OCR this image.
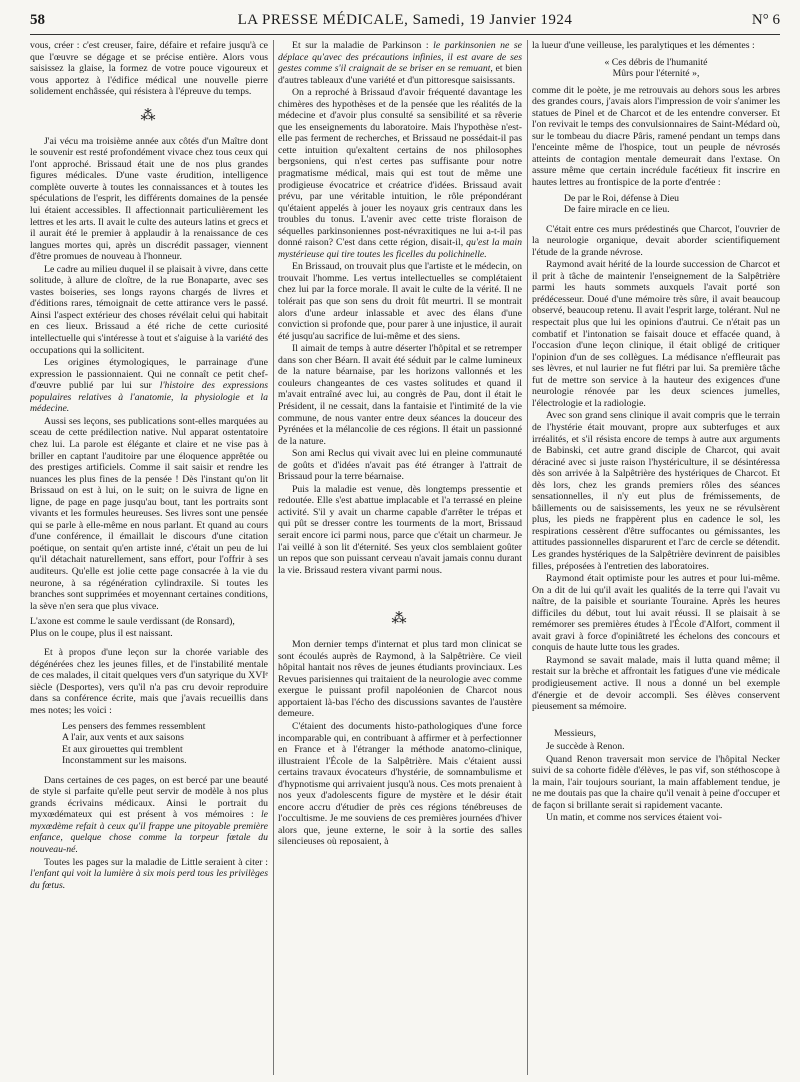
58	LA PRESSE MÉDICALE, Samedi, 19 Janvier 1924	N° 6

vous, créer : c'est creuser, faire, défaire et refaire jusqu'à ce que l'œuvre se dégage et se précise entière. Alors vous saisissez la glaise, la formez de votre pouce vigoureux et vous apportez à l'édifice médical une nouvelle pierre solidement enchâssée, qui résistera à l'épreuve du temps.

⁂

J'ai vécu ma troisième année aux côtés d'un Maître dont le souvenir est resté profondément vivace chez tous ceux qui l'ont approché. Brissaud était une de nos plus grandes figures médicales. D'une vaste érudition, intelligence complète ouverte à toutes les connaissances et à toutes les spéculations de l'esprit, les différents domaines de la pensée lui étaient accessibles. Il affectionnait particulièrement les lettres et les arts. Il avait le culte des auteurs latins et grecs et il aurait été le premier à applaudir à la renaissance de ces langues mortes qui, après un discrédit passager, viennent d'être promues de nouveau à l'honneur.

Le cadre au milieu duquel il se plaisait à vivre, dans cette solitude, à allure de cloître, de la rue Bonaparte, avec ses vastes boiseries, ses longs rayons chargés de livres et d'éditions rares, témoignait de cette attirance vers le passé. Ainsi l'aspect extérieur des choses révélait celui qui habitait en ces lieux. Brissaud a été riche de cette curiosité intellectuelle qui s'intéresse à tout et s'aiguise à la variété des occupations qui la sollicitent.

Les origines étymologiques, le parrainage d'une expression le passionnaient. Qui ne connaît ce petit chef-d'œuvre publié par lui sur l'histoire des expressions populaires relatives à l'anatomie, la physiologie et la médecine.

Aussi ses leçons, ses publications sont-elles marquées au sceau de cette prédilection native. Nul apparat ostentatoire chez lui. La parole est élégante et claire et ne vise pas à briller en captant l'auditoire par une éloquence apprêtée ou des prestiges artificiels. Comme il sait saisir et rendre les nuances les plus fines de la pensée ! Dès l'instant qu'on lit Brissaud on est à lui, on le suit; on le suivra de ligne en ligne, de page en page jusqu'au bout, tant les portraits sont vivants et les formules heureuses. Ses livres sont une pensée qui se parle à elle-même en nous parlant. Et quand au cours d'une conférence, il émaillait le discours d'une citation poétique, on sentait qu'en artiste inné, c'était un peu de lui qu'il détachait naturellement, sans effort, pour l'offrir à ses auditeurs. Qu'elle est jolie cette page consacrée à la vie du neurone, à sa régénération cylindraxile. Si toutes les branches sont supprimées et moyennant certaines conditions, la sève n'en sera que plus vivace.

L'axone est comme le saule verdissant (de Ronsard),
Plus on le coupe, plus il est naissant.

Et à propos d'une leçon sur la chorée variable des dégénérées chez les jeunes filles, et de l'instabilité mentale de ces malades, il citait quelques vers d'un satyrique du XVIᵉ siècle (Desportes), vers qu'il n'a pas cru devoir reproduire dans sa conférence écrite, mais que j'avais recueillis dans mes notes; les voici :

Les pensers des femmes ressemblent
A l'air, aux vents et aux saisons
Et aux girouettes qui tremblent
Inconstamment sur les maisons.

Dans certaines de ces pages, on est bercé par une beauté de style si parfaite qu'elle peut servir de modèle à nos plus grands écrivains médicaux. Ainsi le portrait du myxœdémateux qui est présent à vos mémoires : le myxœdème refait à ceux qu'il frappe une pitoyable première enfance, quelque chose comme la torpeur fœtale du nouveau-né.

Toutes les pages sur la maladie de Little seraient à citer : l'enfant qui voit la lumière à six mois perd tous les privilèges du fœtus.

Et sur la maladie de Parkinson : le parkinsonien ne se déplace qu'avec des précautions infinies, il est avare de ses gestes comme s'il craignait de se briser en se remuant, et bien d'autres tableaux d'une variété et d'un pittoresque saisissants.

On a reproché à Brissaud d'avoir fréquenté davantage les chimères des hypothèses et de la pensée que les réalités de la médecine et d'avoir plus consulté sa sensibilité et sa rêverie que les enseignements du laboratoire. Mais l'hypothèse n'est-elle pas ferment de recherches, et Brissaud ne possédait-il pas cette intuition qu'exaltent certains de nos philosophes bergsoniens, qui n'est certes pas suffisante pour notre pragmatisme médical, mais qui est tout de même une prodigieuse évocatrice et créatrice d'idées. Brissaud avait prévu, par une véritable intuition, le rôle prépondérant qu'étaient appelés à jouer les noyaux gris centraux dans les troubles du tonus. L'avenir avec cette triste floraison de séquelles parkinsoniennes post-névraxitiques ne lui a-t-il pas donné raison? C'est dans cette région, disait-il, qu'est la main mystérieuse qui tire toutes les ficelles du polichinelle.

En Brissaud, on trouvait plus que l'artiste et le médecin, on trouvait l'homme. Les vertus intellectuelles se complétaient chez lui par la force morale. Il avait le culte de la vérité. Il ne tolérait pas que son sens du droit fût meurtri. Il se montrait alors d'une ardeur inlassable et avec des élans d'une conviction si profonde que, pour parer à une injustice, il aurait été jusqu'au sacrifice de lui-même et des siens.

Il aimait de temps à autre déserter l'hôpital et se retremper dans son cher Béarn. Il avait été séduit par le calme lumineux de la nature béarnaise, par les horizons vallonnés et les couleurs changeantes de ces vastes solitudes et quand il m'avait entraîné avec lui, au congrès de Pau, dont il était le Président, il ne cessait, dans la fantaisie et l'intimité de la vie commune, de nous vanter entre deux séances la douceur des Pyrénées et la mélancolie de ces régions. Il était un passionné de la nature.

Son ami Reclus qui vivait avec lui en pleine communauté de goûts et d'idées n'avait pas été étranger à l'attrait de Brissaud pour la terre béarnaise.

Puis la maladie est venue, dès longtemps pressentie et redoutée. Elle s'est abattue implacable et l'a terrassé en pleine activité. S'il y avait un charme capable d'arrêter le trépas et qui pût se dresser contre les tourments de la mort, Brissaud serait encore ici parmi nous, parce que c'était un charmeur. Je l'ai veillé à son lit d'éternité. Ses yeux clos semblaient goûter un repos que son puissant cerveau n'avait jamais connu durant la vie. Brissaud restera vivant parmi nous.

⁂

Mon dernier temps d'internat et plus tard mon clinicat se sont écoulés auprès de Raymond, à la Salpêtrière. Ce vieil hôpital hantait nos rêves de jeunes étudiants provinciaux. Les Revues parisiennes qui traitaient de la neurologie avec comme exergue le puissant profil napoléonien de Charcot nous apportaient là-bas l'écho des discussions savantes de l'austère demeure.

C'étaient des documents histo-pathologiques d'une force incomparable qui, en contribuant à affirmer et à perfectionner en France et à l'étranger la méthode anatomo-clinique, illustraient l'École de la Salpêtrière. Mais c'étaient aussi certains travaux évocateurs d'hystérie, de somnambulisme et d'hypnotisme qui arrivaient jusqu'à nous. Ces mots prenaient à nos yeux d'adolescents figure de mystère et le désir était encore accru d'étudier de près ces régions ténébreuses de l'occultisme. Je me souviens de ces premières journées d'hiver alors que, jeune externe, le soir à la sortie des salles silencieuses où reposaient, à

la lueur d'une veilleuse, les paralytiques et les démentes :

« Ces débris de l'humanité
Mûrs pour l'éternité »,

comme dit le poète, je me retrouvais au dehors sous les arbres des grandes cours, j'avais alors l'impression de voir s'animer les statues de Pinel et de Charcot et de les entendre converser. Et l'on revivait le temps des convulsionnaires de Saint-Médard où, sur le tombeau du diacre Pâris, ramené pendant un temps dans l'enceinte même de l'hospice, tout un peuple de névrosés atteints de contagion mentale demeurait dans l'extase. On assure même que certain incrédule facétieux fit inscrire en hautes lettres au frontispice de la porte d'entrée :

De par le Roi, défense à Dieu
De faire miracle en ce lieu.

C'était entre ces murs prédestinés que Charcot, l'ouvrier de la neurologie organique, devait aborder scientifiquement l'étude de la grande névrose.

Raymond avait hérité de la lourde succession de Charcot et il prit à tâche de maintenir l'enseignement de la Salpêtrière parmi les hauts sommets auxquels l'avait porté son prédécesseur. Doué d'une mémoire très sûre, il avait beaucoup observé, beaucoup retenu. Il avait l'esprit large, tolérant. Nul ne respectait plus que lui les opinions d'autrui. Ce n'était pas un combatif et l'intonation se faisait douce et effacée quand, à l'occasion d'une leçon clinique, il était obligé de critiquer l'opinion d'un de ses collègues. La médisance n'effleurait pas ses lèvres, et nul laurier ne fut flétri par lui. Sa première tâche fut de mettre son service à la hauteur des exigences d'une neurologie rénovée par les deux sciences jumelles, l'électrologie et la radiologie.

Avec son grand sens clinique il avait compris que le terrain de l'hystérie était mouvant, propre aux subterfuges et aux irréalités, et s'il résista encore de temps à autre aux arguments de Babinski, cet autre grand disciple de Charcot, qui avait déraciné avec si juste raison l'hystériculture, il se désintéressa dès son arrivée à la Salpêtrière des hystériques de Charcot. Et dès lors, chez les grands premiers rôles des séances sensationnelles, il n'y eut plus de frémissements, de bâillements ou de saisissements, les yeux ne se révulsèrent plus, les pieds ne frappèrent plus en cadence le sol, les respirations cessèrent d'être suffocantes ou gémissantes, les attitudes passionnelles disparurent et l'arc de cercle se détendit. Les grandes hystériques de la Salpêtrière devinrent de paisibles filles, préposées à l'entretien des laboratoires.

Raymond était optimiste pour les autres et pour lui-même. On a dit de lui qu'il avait les qualités de la terre qui l'avait vu naître, de la paisible et souriante Touraine. Après les heures difficiles du début, tout lui avait réussi. Il se plaisait à se remémorer ses premières études à l'École d'Alfort, comment il avait gravi à force d'opiniâtreté les échelons des concours et conquis de haute lutte tous les grades.

Raymond se savait malade, mais il lutta quand même; il restait sur la brèche et affrontait les fatigues d'une vie médicale prodigieusement active. Il nous a donné un bel exemple d'énergie et de devoir accompli. Ses élèves conservent pieusement sa mémoire.

Messieurs,

Je succède à Renon.

Quand Renon traversait mon service de l'hôpital Necker suivi de sa cohorte fidèle d'élèves, le pas vif, son stéthoscope à la main, l'air toujours souriant, la main affablement tendue, je ne me doutais pas que la chaire qu'il venait à peine d'occuper et de façon si brillante serait si rapidement vacante.

Un matin, et comme nos services étaient voi-
